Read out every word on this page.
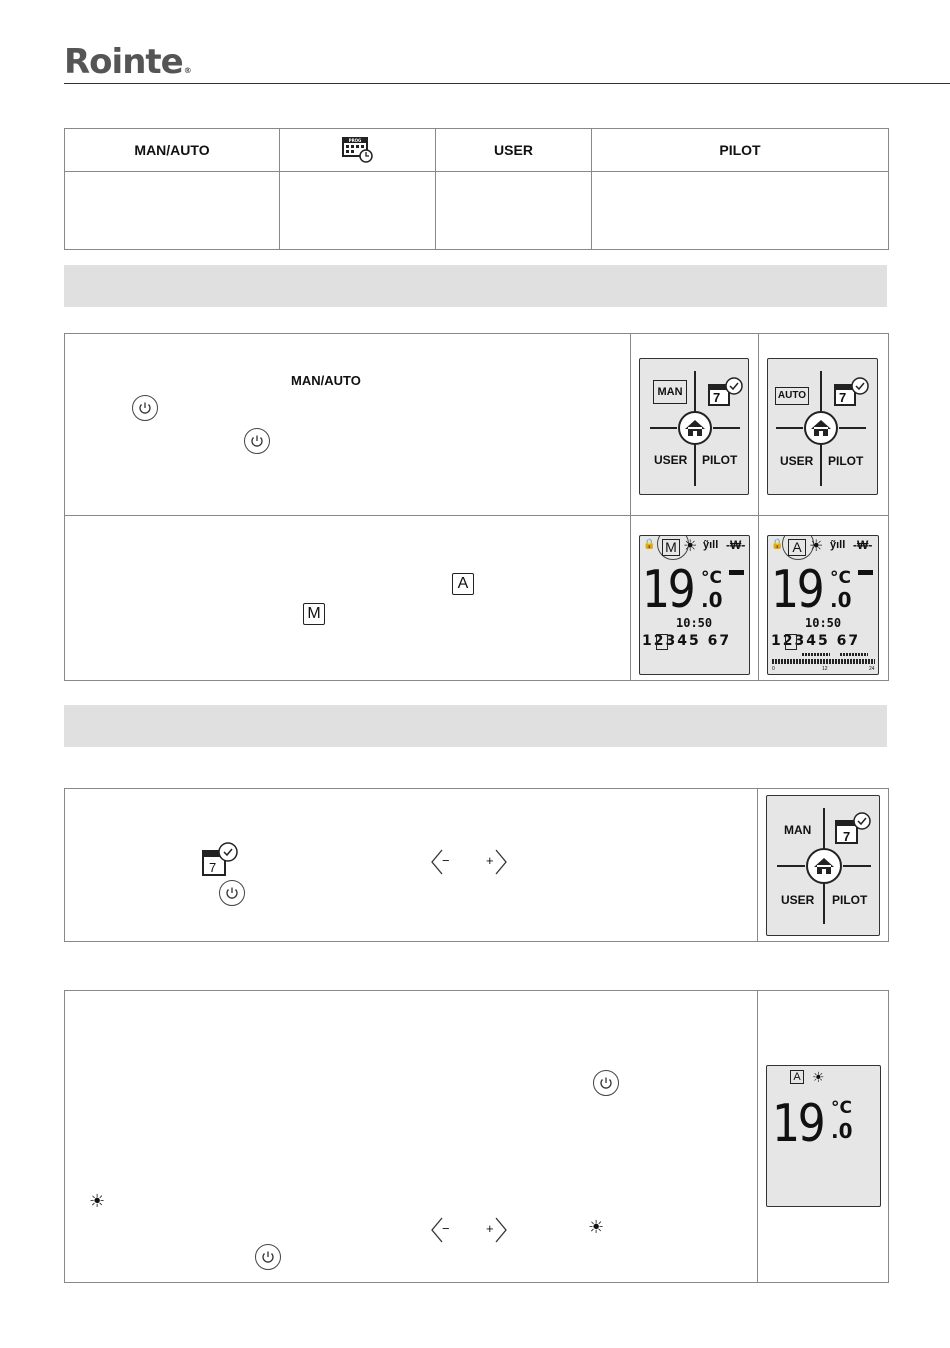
Rointe®
MAN/AUTO	PROG	USER	PILOT

MAN/AUTO
MAN	7
USER PILOT
AUTO	7
USER PILOT
A
M
🔒 M ☀ ỹıll -₩-
19 °C
.0
10:50
12345 67
🔒 A ☀ ỹıll -₩-
19 °C
.0
10:50
12345 67
0	12	24
7	−	+
MAN 7
USER PILOT
☀
−	+	☀
A ☀
19 °C
.0
